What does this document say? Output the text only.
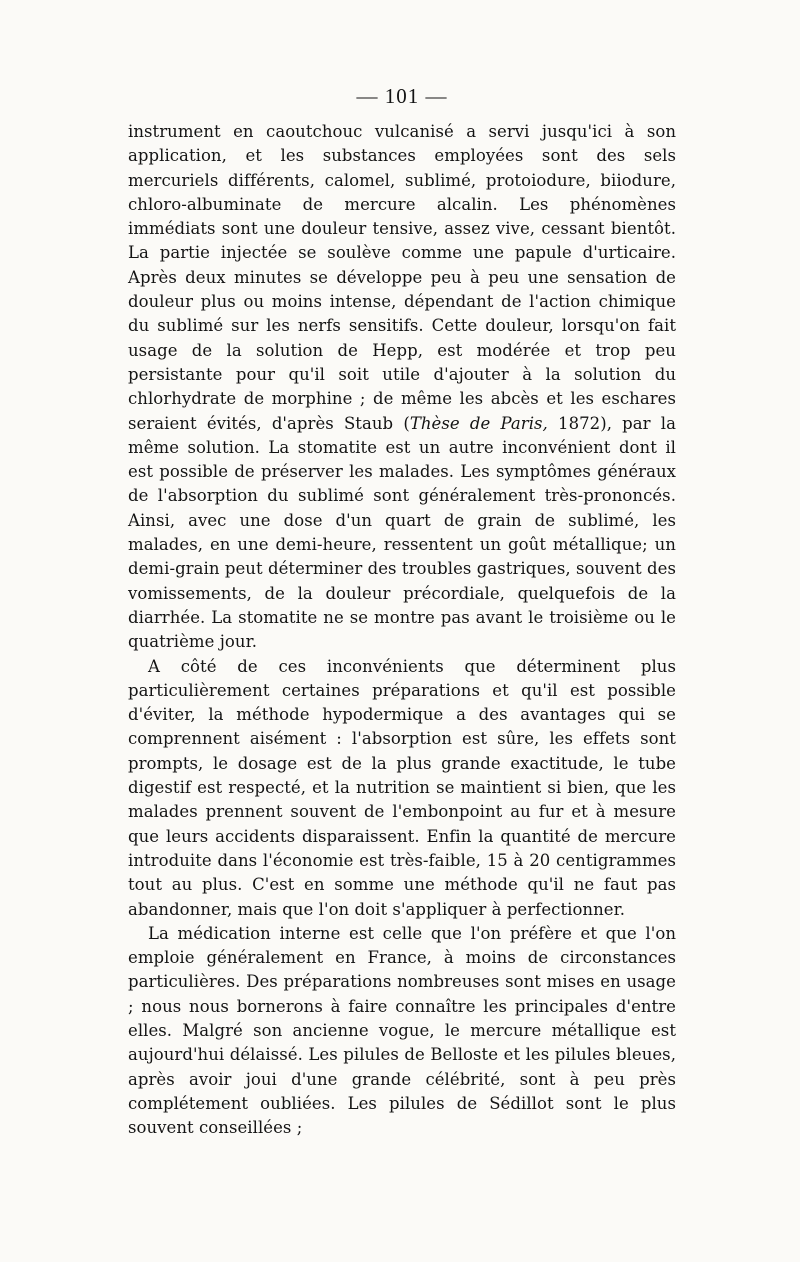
— 101 —

instrument en caoutchouc vulcanisé a servi jusqu'ici à son application, et les substances employées sont des sels mercuriels différents, calomel, sublimé, protoiodure, biiodure, chloro-albuminate de mercure alcalin. Les phénomènes immédiats sont une douleur tensive, assez vive, cessant bientôt. La partie injectée se soulève comme une papule d'urticaire. Après deux minutes se développe peu à peu une sensation de douleur plus ou moins intense, dépendant de l'action chimique du sublimé sur les nerfs sensitifs. Cette douleur, lorsqu'on fait usage de la solution de Hepp, est modérée et trop peu persistante pour qu'il soit utile d'ajouter à la solution du chlorhydrate de morphine ; de même les abcès et les eschares seraient évités, d'après Staub (Thèse de Paris, 1872), par la même solution. La stomatite est un autre inconvénient dont il est possible de préserver les malades. Les symptômes généraux de l'absorption du sublimé sont généralement très-prononcés. Ainsi, avec une dose d'un quart de grain de sublimé, les malades, en une demi-heure, ressentent un goût métallique; un demi-grain peut déterminer des troubles gastriques, souvent des vomissements, de la douleur précordiale, quelquefois de la diarrhée. La stomatite ne se montre pas avant le troisième ou le quatrième jour.

A côté de ces inconvénients que déterminent plus particulièrement certaines préparations et qu'il est possible d'éviter, la méthode hypodermique a des avantages qui se comprennent aisément : l'absorption est sûre, les effets sont prompts, le dosage est de la plus grande exactitude, le tube digestif est respecté, et la nutrition se maintient si bien, que les malades prennent souvent de l'embonpoint au fur et à mesure que leurs accidents disparaissent. Enfin la quantité de mercure introduite dans l'économie est très-faible, 15 à 20 centigrammes tout au plus. C'est en somme une méthode qu'il ne faut pas abandonner, mais que l'on doit s'appliquer à perfectionner.

La médication interne est celle que l'on préfère et que l'on emploie généralement en France, à moins de circonstances particulières. Des préparations nombreuses sont mises en usage ; nous nous bornerons à faire connaître les principales d'entre elles. Malgré son ancienne vogue, le mercure métallique est aujourd'hui délaissé. Les pilules de Belloste et les pilules bleues, après avoir joui d'une grande célébrité, sont à peu près complétement oubliées. Les pilules de Sédillot sont le plus souvent conseillées ;
